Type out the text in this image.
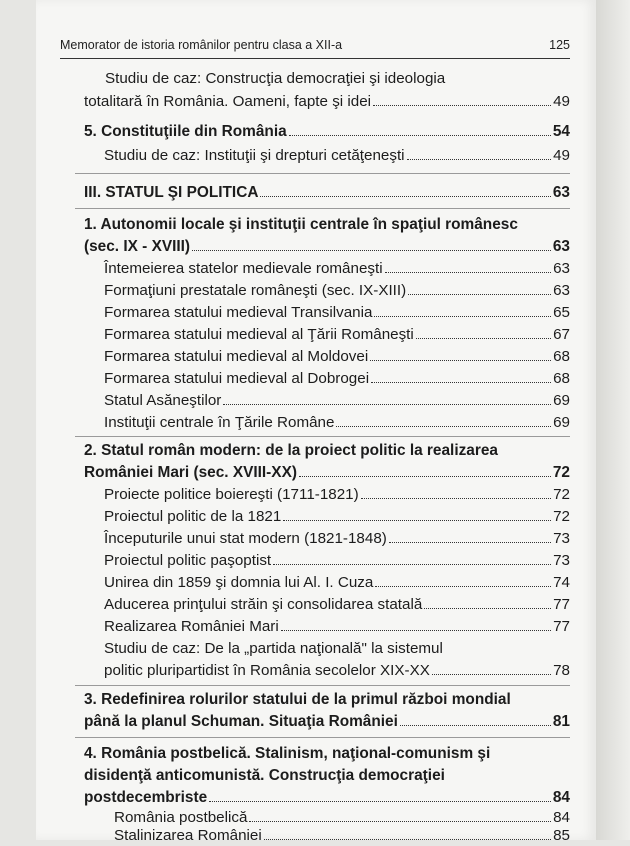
Memorator de istoria românilor pentru clasa a XII-a	125
Studiu de caz: Construcţia democraţiei şi ideologia
totalitară în România. Oameni, fapte şi idei	49
5. Constituţiile din România	54
Studiu de caz: Instituţii şi drepturi cetăţeneşti	49
III. STATUL ŞI POLITICA	63
1. Autonomii locale şi instituţii centrale în spaţiul românesc
(sec. IX - XVIII)	63
Întemeierea statelor medievale româneşti	63
Formaţiuni prestatale româneşti (sec. IX-XIII)	63
Formarea statului medieval Transilvania	65
Formarea statului medieval al Ţării Româneşti	67
Formarea statului medieval al Moldovei	68
Formarea statului medieval al Dobrogei	68
Statul Asăneştilor	69
Instituţii centrale în Ţările Române	69
2. Statul român modern: de la proiect politic la realizarea
României Mari (sec. XVIII-XX)	72
Proiecte politice boiereşti (1711-1821)	72
Proiectul politic de la 1821	72
Începuturile unui stat modern (1821-1848)	73
Proiectul politic paşoptist	73
Unirea din 1859 şi domnia lui Al. I. Cuza	74
Aducerea prinţului străin şi consolidarea statală	77
Realizarea României Mari	77
Studiu de caz: De la „partida naţională" la sistemul
politic pluripartidist în România secolelor XIX-XX	78
3. Redefinirea rolurilor statului de la primul război mondial
până la planul Schuman. Situaţia României	81
4. România postbelică. Stalinism, naţional-comunism şi
disidenţă anticomunistă. Construcţia democraţiei
postdecembriste	84
România postbelică	84
Stalinizarea României	85
